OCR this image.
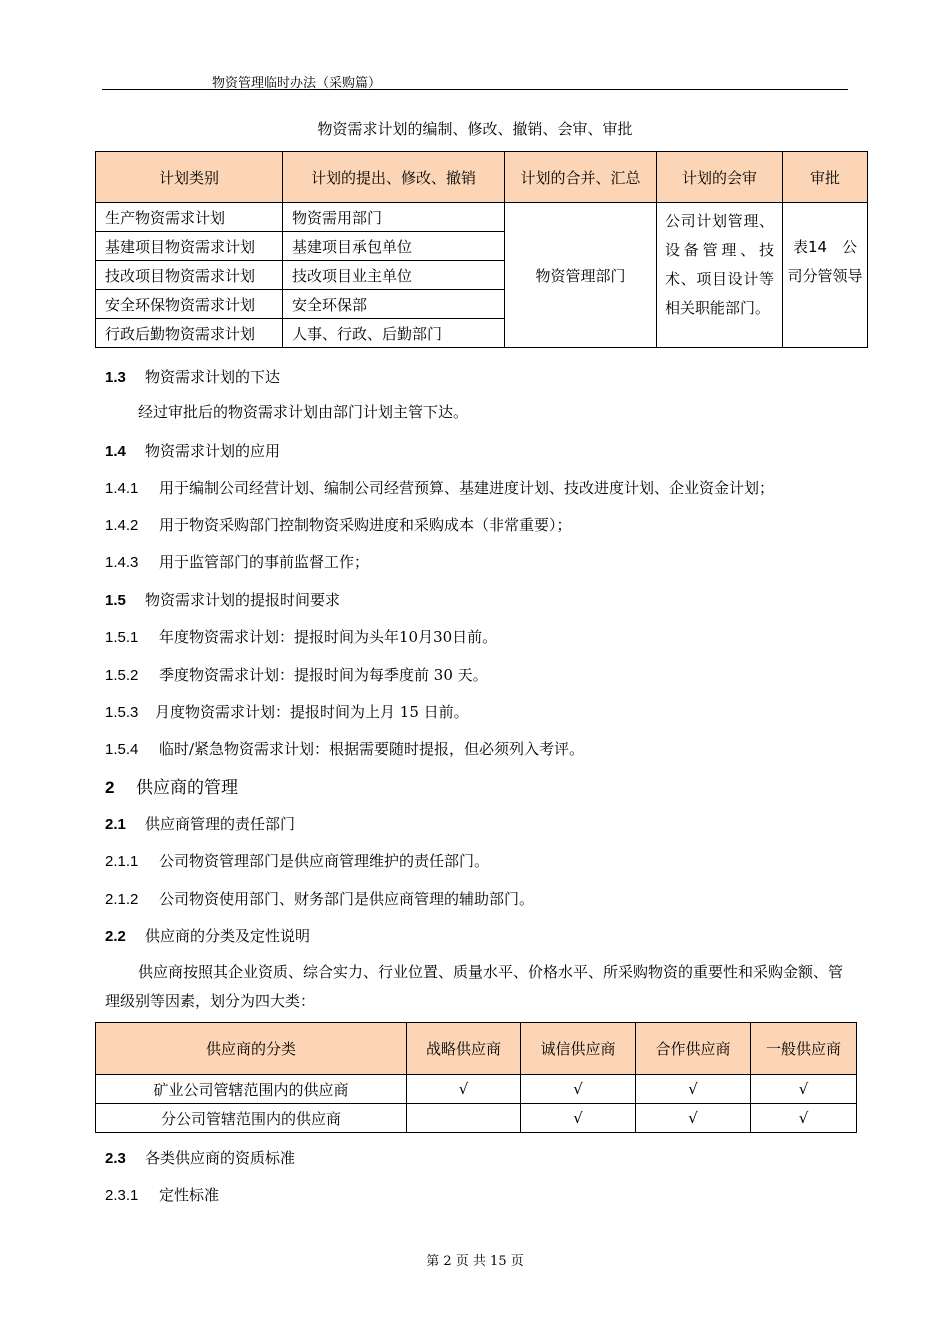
物资管理临时办法（采购篇）
物资需求计划的编制、修改、撤销、会审、审批
计划类别	计划的提出、修改、撤销	计划的合并、汇总	计划的会审	审批
生产物资需求计划	物资需用部门	物资管理部门	公司计划管理、设备管理、技术、项目设计等相关职能部门。	表14　公司分管领导
基建项目物资需求计划	基建项目承包单位			
技改项目物资需求计划	技改项目业主单位			
安全环保物资需求计划	安全环保部			
行政后勤物资需求计划	人事、行政、后勤部门			
1.3 物资需求计划的下达
经过审批后的物资需求计划由部门计划主管下达。
1.4 物资需求计划的应用
1.4.1 用于编制公司经营计划、编制公司经营预算、基建进度计划、技改进度计划、企业资金计划；
1.4.2 用于物资采购部门控制物资采购进度和采购成本（非常重要）；
1.4.3 用于监管部门的事前监督工作；
1.5 物资需求计划的提报时间要求
1.5.1 年度物资需求计划：提报时间为头年10月30日前。
1.5.2 季度物资需求计划：提报时间为每季度前 30 天。
1.5.3 月度物资需求计划：提报时间为上月 15 日前。
1.5.4 临时/紧急物资需求计划：根据需要随时提报，但必须列入考评。
2 供应商的管理
2.1 供应商管理的责任部门
2.1.1 公司物资管理部门是供应商管理维护的责任部门。
2.1.2 公司物资使用部门、财务部门是供应商管理的辅助部门。
2.2 供应商的分类及定性说明
供应商按照其企业资质、综合实力、行业位置、质量水平、价格水平、所采购物资的重要性和采购金额、管理级别等因素，划分为四大类：
2.3 各类供应商的资质标准
2.3.1 定性标准
供应商的分类	战略供应商	诚信供应商	合作供应商	一般供应商
矿业公司管辖范围内的供应商	√	√	√	√
分公司管辖范围内的供应商		√	√	√
第 2 页 共 15 页
